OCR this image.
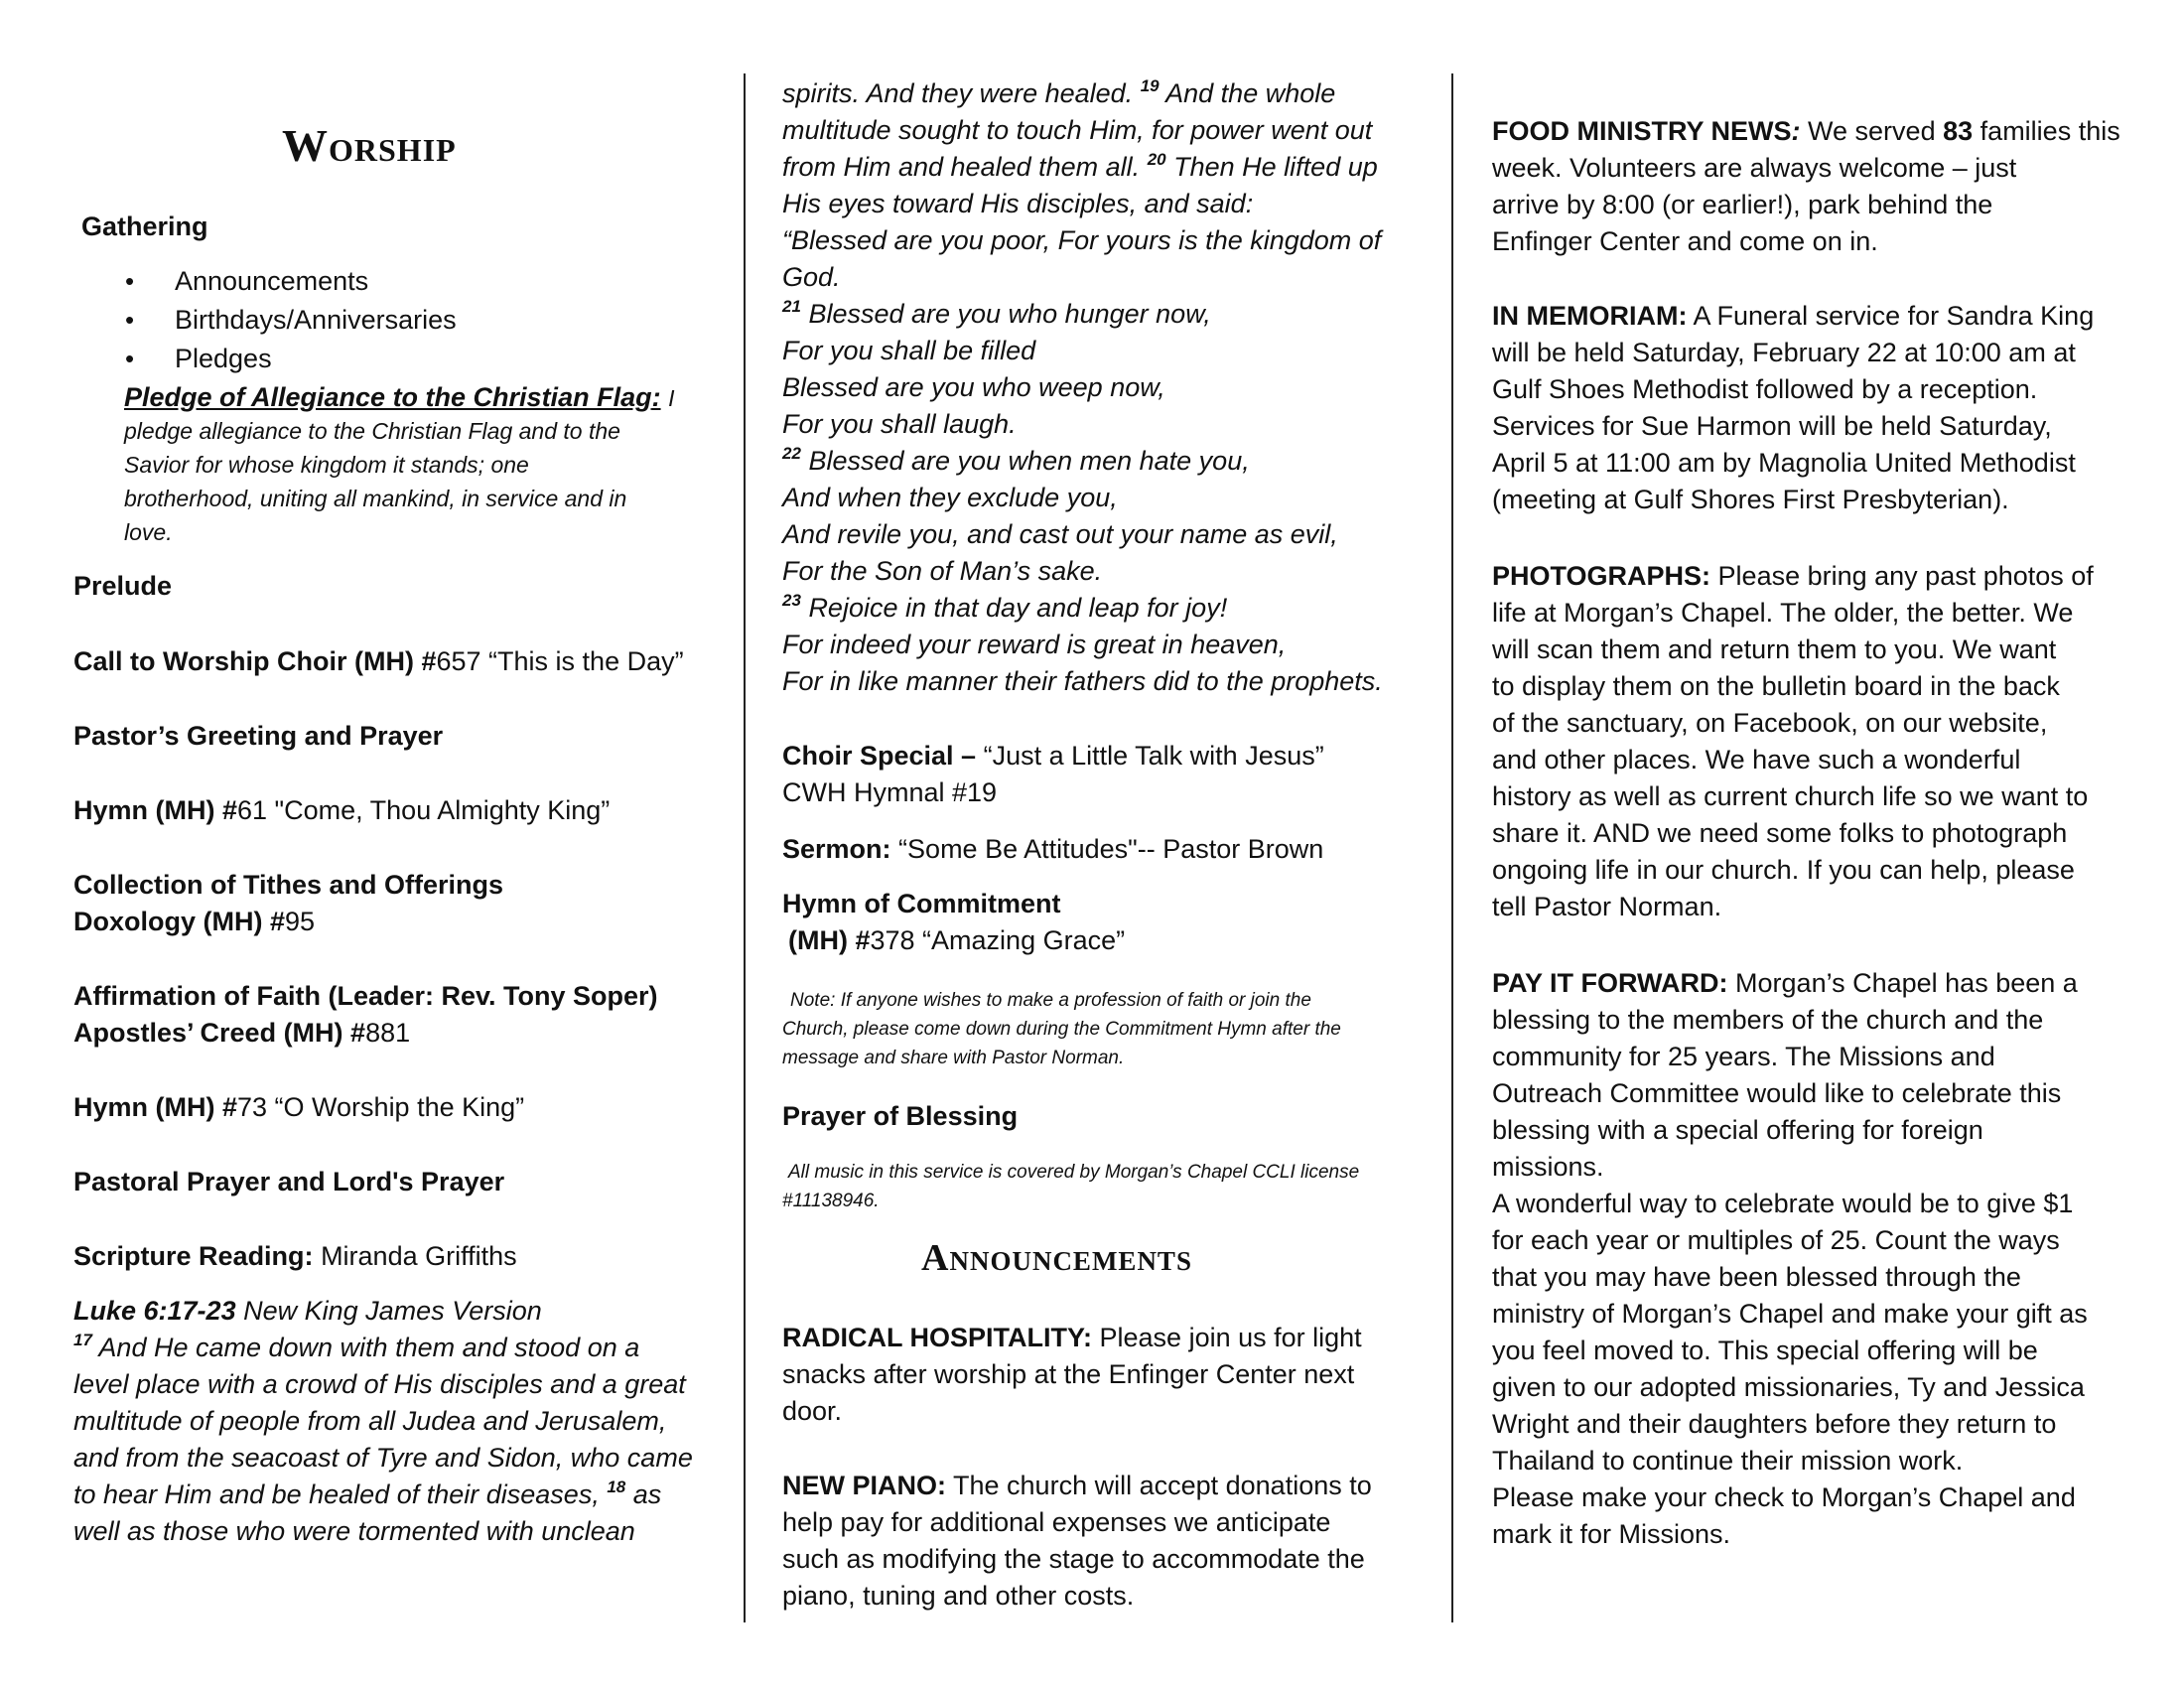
Worship
Gathering
• Announcements
• Birthdays/Anniversaries
• Pledges
Pledge of Allegiance to the Christian Flag: I
pledge allegiance to the Christian Flag and to the
Savior for whose kingdom it stands; one
brotherhood, uniting all mankind, in service and in
love.
Prelude
Call to Worship Choir (MH) #657 “This is the Day”
Pastor’s Greeting and Prayer
Hymn (MH) #61 "Come, Thou Almighty King”
Collection of Tithes and Offerings
Doxology (MH) #95
Affirmation of Faith (Leader: Rev. Tony Soper)
Apostles’ Creed (MH) #881
Hymn (MH) #73 “O Worship the King”
Pastoral Prayer and Lord's Prayer
Scripture Reading: Miranda Griffiths
Luke 6:17-23 New King James Version
$^{17}$ And He came down with them and stood on a
level place with a crowd of His disciples and a great
multitude of people from all Judea and Jerusalem,
and from the seacoast of Tyre and Sidon, who came
to hear Him and be healed of their diseases, $^{18}$ as
well as those who were tormented with unclean
spirits. And they were healed. $^{19}$ And the whole
multitude sought to touch Him, for power went out
from Him and healed them all. $^{20}$ Then He lifted up
His eyes toward His disciples, and said:
“Blessed are you poor, For yours is the kingdom of
God.
$^{21}$ Blessed are you who hunger now,
For you shall be filled
Blessed are you who weep now,
For you shall laugh.
$^{22}$ Blessed are you when men hate you,
And when they exclude you,
And revile you, and cast out your name as evil,
For the Son of Man’s sake.
$^{23}$ Rejoice in that day and leap for joy!
For indeed your reward is great in heaven,
For in like manner their fathers did to the prophets.
Choir Special – “Just a Little Talk with Jesus”
CWH Hymnal #19
Sermon: “Some Be Attitudes"-- Pastor Brown
Hymn of Commitment
(MH) #378 “Amazing Grace”
Note: If anyone wishes to make a profession of faith or join the
Church, please come down during the Commitment Hymn after the
message and share with Pastor Norman.
Prayer of Blessing
All music in this service is covered by Morgan’s Chapel CCLI license
#11138946.
Announcements
RADICAL HOSPITALITY: Please join us for light
snacks after worship at the Enfinger Center next
door.
NEW PIANO: The church will accept donations to
help pay for additional expenses we anticipate
such as modifying the stage to accommodate the
piano, tuning and other costs.
FOOD MINISTRY NEWS: We served 83 families this
week. Volunteers are always welcome – just
arrive by 8:00 (or earlier!), park behind the
Enfinger Center and come on in.
IN MEMORIAM: A Funeral service for Sandra King
will be held Saturday, February 22 at 10:00 am at
Gulf Shoes Methodist followed by a reception.
Services for Sue Harmon will be held Saturday,
April 5 at 11:00 am by Magnolia United Methodist
(meeting at Gulf Shores First Presbyterian).
PHOTOGRAPHS: Please bring any past photos of
life at Morgan’s Chapel. The older, the better. We
will scan them and return them to you. We want
to display them on the bulletin board in the back
of the sanctuary, on Facebook, on our website,
and other places. We have such a wonderful
history as well as current church life so we want to
share it. AND we need some folks to photograph
ongoing life in our church. If you can help, please
tell Pastor Norman.
PAY IT FORWARD: Morgan’s Chapel has been a
blessing to the members of the church and the
community for 25 years. The Missions and
Outreach Committee would like to celebrate this
blessing with a special offering for foreign
missions.
A wonderful way to celebrate would be to give $1
for each year or multiples of 25. Count the ways
that you may have been blessed through the
ministry of Morgan’s Chapel and make your gift as
you feel moved to. This special offering will be
given to our adopted missionaries, Ty and Jessica
Wright and their daughters before they return to
Thailand to continue their mission work.
Please make your check to Morgan’s Chapel and
mark it for Missions.
